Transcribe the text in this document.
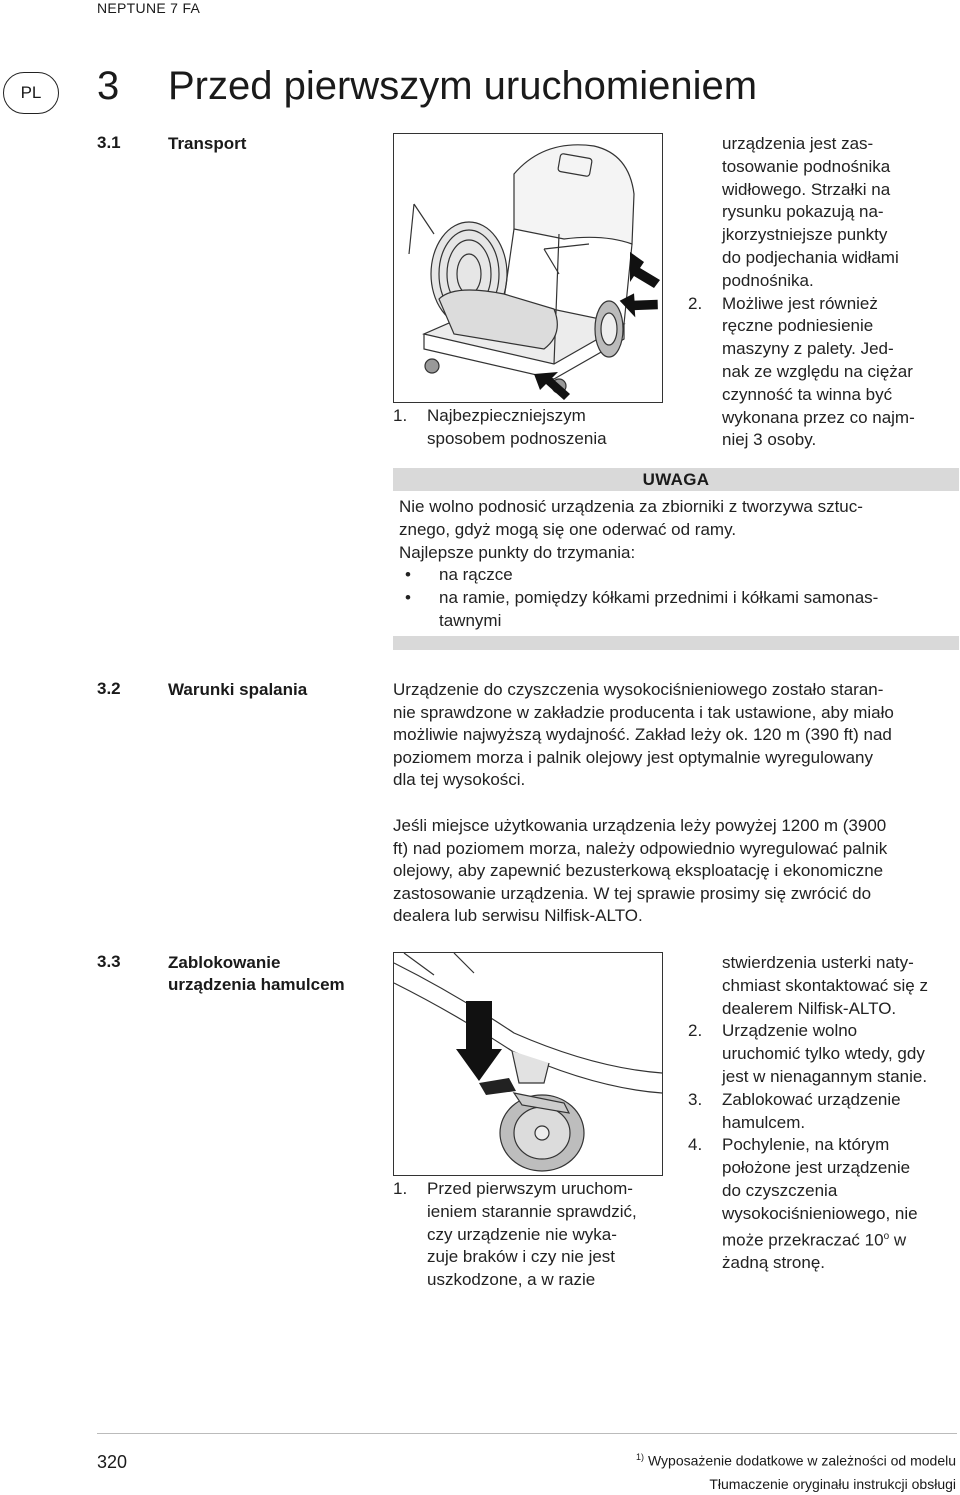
NEPTUNE 7 FA
PL	3 Przed pierwszym uruchomieniem
3.1	Transport
1.	Najbezpieczniejszym
sposobem podnoszenia
urządzenia jest zas-
tosowanie podnośnika
widłowego. Strzałki na
rysunku pokazują na-
jkorzystniejsze punkty
do podjechania widłami
podnośnika.
2.	Możliwe jest również
ręczne podniesienie
maszyny z palety. Jed-
nak ze względu na ciężar
czynność ta winna być
wykonana przez co najm-
niej 3 osoby.
UWAGA
Nie wolno podnosić urządzenia za zbiorniki z tworzywa sztuc-
znego, gdyż mogą się one oderwać od ramy.
Najlepsze punkty do trzymania:
•	na rączce
•	na ramie, pomiędzy kółkami przednimi i kółkami samonas-
tawnymi
3.2	Warunki spalania	Urządzenie do czyszczenia wysokociśnieniowego zostało staran-
nie sprawdzone w zakładzie producenta i tak ustawione, aby miało
możliwie najwyższą wydajność. Zakład leży ok. 120 m (390 ft) nad
poziomem morza i palnik olejowy jest optymalnie wyregulowany
dla tej wysokości.
Jeśli miejsce użytkowania urządzenia leży powyżej 1200 m (3900
ft) nad poziomem morza, należy odpowiednio wyregulować palnik
olejowy, aby zapewnić bezusterkową eksploatację i ekonomiczne
zastosowanie urządzenia. W tej sprawie prosimy się zwrócić do
dealera lub serwisu Nilfisk-ALTO.
3.3	Zablokowanie
urządzenia hamulcem
1.	Przed pierwszym uruchom-
ieniem starannie sprawdzić,
czy urządzenie nie wyka-
zuje braków i czy nie jest
uszkodzone, a w razie
stwierdzenia usterki naty-
chmiast skontaktować się z
dealerem Nilfisk-ALTO.
2.	Urządzenie wolno
uruchomić tylko wtedy, gdy
jest w nienagannym stanie.
3.	Zablokować urządzenie
hamulcem.
4.	Pochylenie, na którym
położone jest urządzenie
do czyszczenia
wysokociśnieniowego, nie
może przekraczać 10$^o$ w
żadną stronę.
320	$^{1)}$ Wyposażenie dodatkowe w zależności od modelu
Tłumaczenie oryginału instrukcji obsługi
